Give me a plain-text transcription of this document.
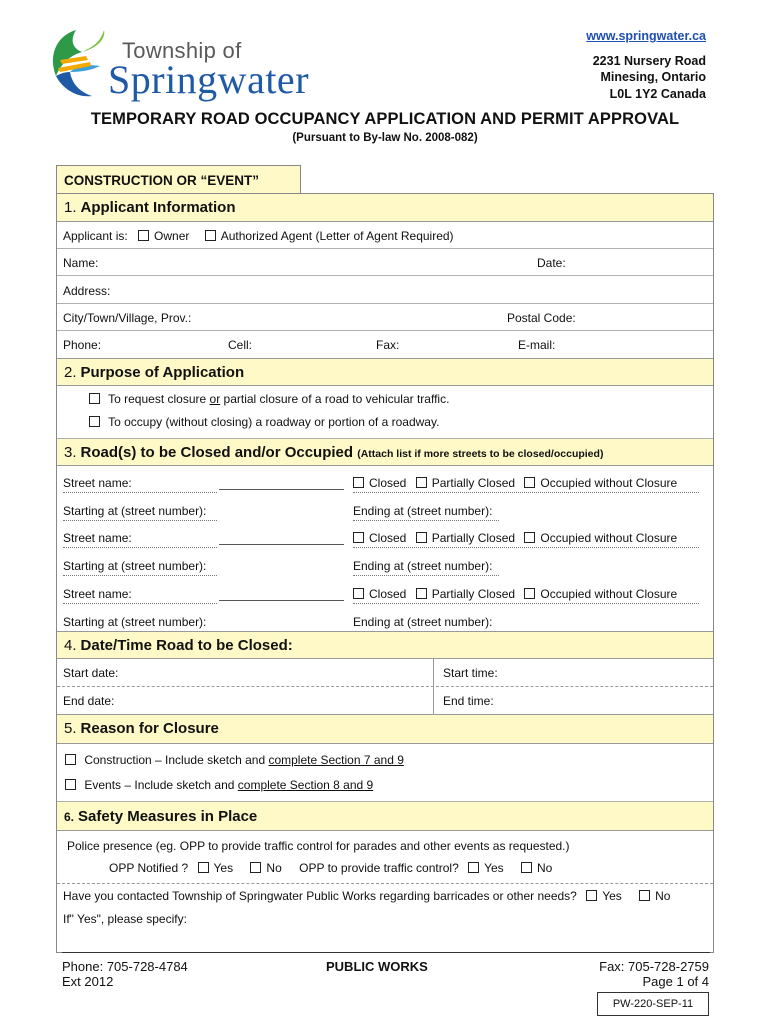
Township of
Springwater
www.springwater.ca
2231 Nursery Road
Minesing, Ontario
L0L 1Y2 Canada
TEMPORARY ROAD OCCUPANCY APPLICATION AND PERMIT APPROVAL
(Pursuant to By-law No. 2008-082)
CONSTRUCTION OR “EVENT”
1. Applicant Information
Applicant is: Owner	Authorized Agent (Letter of Agent Required)
Name:	Date:
Address:
City/Town/Village, Prov.:	Postal Code:
Phone:	Cell:	Fax:	E-mail:
2. Purpose of Application
To request closure or partial closure of a road to vehicular traffic.
To occupy (without closing) a roadway or portion of a roadway.
3. Road(s) to be Closed and/or Occupied (Attach list if more streets to be closed/occupied)
Street name:	Closed Partially Closed Occupied without Closure
Starting at (street number):	Ending at (street number):
Street name:	Closed Partially Closed Occupied without Closure
Starting at (street number):	Ending at (street number):
Street name:	Closed Partially Closed Occupied without Closure
Starting at (street number):	Ending at (street number):
4. Date/Time Road to be Closed:
Start date:	Start time:
End date:	End time:
5. Reason for Closure
Construction – Include sketch and complete Section 7 and 9
Events – Include sketch and complete Section 8 and 9
6. Safety Measures in Place
Police presence (eg. OPP to provide traffic control for parades and other events as requested.)
OPP Notified ? Yes	No OPP to provide traffic control? Yes	No
Have you contacted Township of Springwater Public Works regarding barricades or other needs? Yes	No
If" Yes", please specify:
Phone: 705-728-4784
Ext 2012
PUBLIC WORKS	Fax: 705-728-2759
Page 1 of 4
PW-220-SEP-11
